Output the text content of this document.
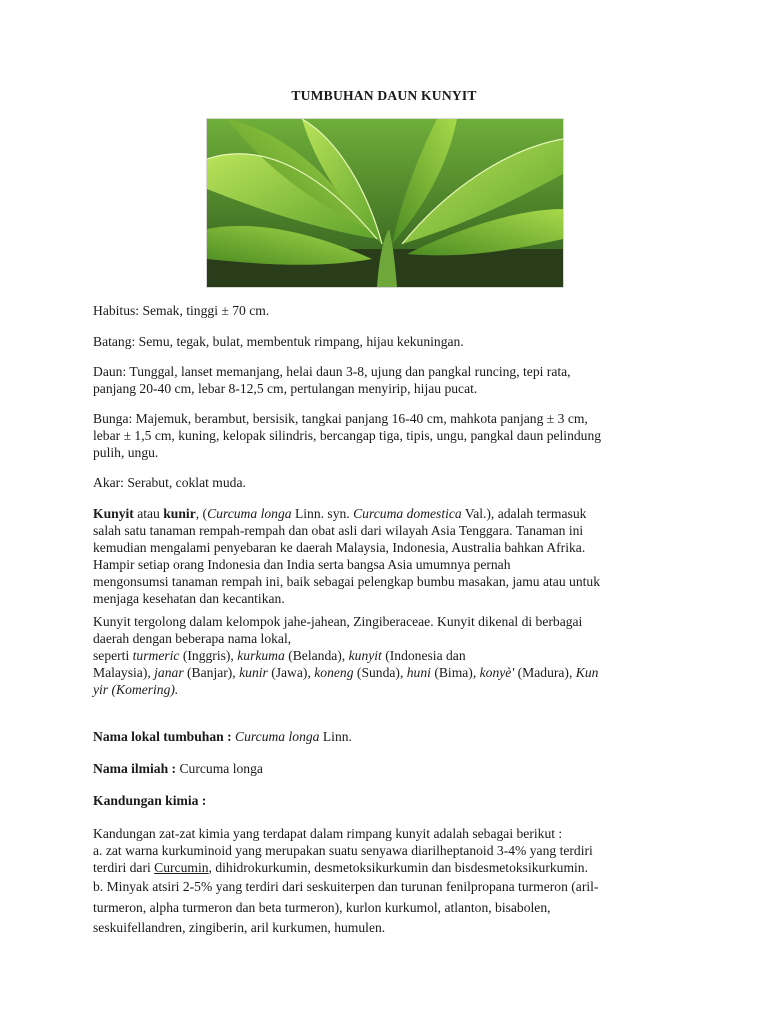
TUMBUHAN DAUN KUNYIT

Habitus: Semak, tinggi ± 70 cm.

Batang: Semu, tegak, bulat, membentuk rimpang, hijau kekuningan.

Daun: Tunggal, lanset memanjang, helai daun 3-8, ujung dan pangkal runcing, tepi rata,

panjang 20-40 cm, lebar 8-12,5 cm, pertulangan menyirip, hijau pucat.

Bunga: Majemuk, berambut, bersisik, tangkai panjang 16-40 cm, mahkota panjang ± 3 cm,

lebar ± 1,5 cm, kuning, kelopak silindris, bercangap tiga, tipis, ungu, pangkal daun pelindung

pulih, ungu.

Akar: Serabut, coklat muda.

Kunyit atau kunir, (Curcuma longa Linn. syn. Curcuma domestica Val.), adalah termasuk

salah satu tanaman rempah-rempah dan obat asli dari wilayah Asia Tenggara. Tanaman ini

kemudian mengalami penyebaran ke daerah Malaysia, Indonesia, Australia bahkan Afrika.

Hampir setiap orang Indonesia dan India serta bangsa Asia umumnya pernah

mengonsumsi tanaman rempah ini, baik sebagai pelengkap bumbu masakan, jamu atau untuk

menjaga kesehatan dan kecantikan.

Kunyit tergolong dalam kelompok jahe-jahean, Zingiberaceae. Kunyit dikenal di berbagai

daerah dengan beberapa nama lokal,

seperti turmeric (Inggris), kurkuma (Belanda), kunyit (Indonesia dan

Malaysia), janar (Banjar), kunir (Jawa), koneng (Sunda), huni (Bima), konyè' (Madura), Kun

yir (Komering).

Nama lokal tumbuhan : Curcuma longa Linn.

Nama ilmiah : Curcuma longa

Kandungan kimia :

Kandungan zat-zat kimia yang terdapat dalam rimpang kunyit adalah sebagai berikut :

a. zat warna kurkuminoid yang merupakan suatu senyawa diarilheptanoid 3-4% yang terdiri

terdiri dari Curcumin, dihidrokurkumin, desmetoksikurkumin dan bisdesmetoksikurkumin.

b. Minyak atsiri 2-5% yang terdiri dari seskuiterpen dan turunan fenilpropana turmeron (aril-

turmeron, alpha turmeron dan beta turmeron), kurlon kurkumol, atlanton, bisabolen,

seskuifellandren, zingiberin, aril kurkumen, humulen.
